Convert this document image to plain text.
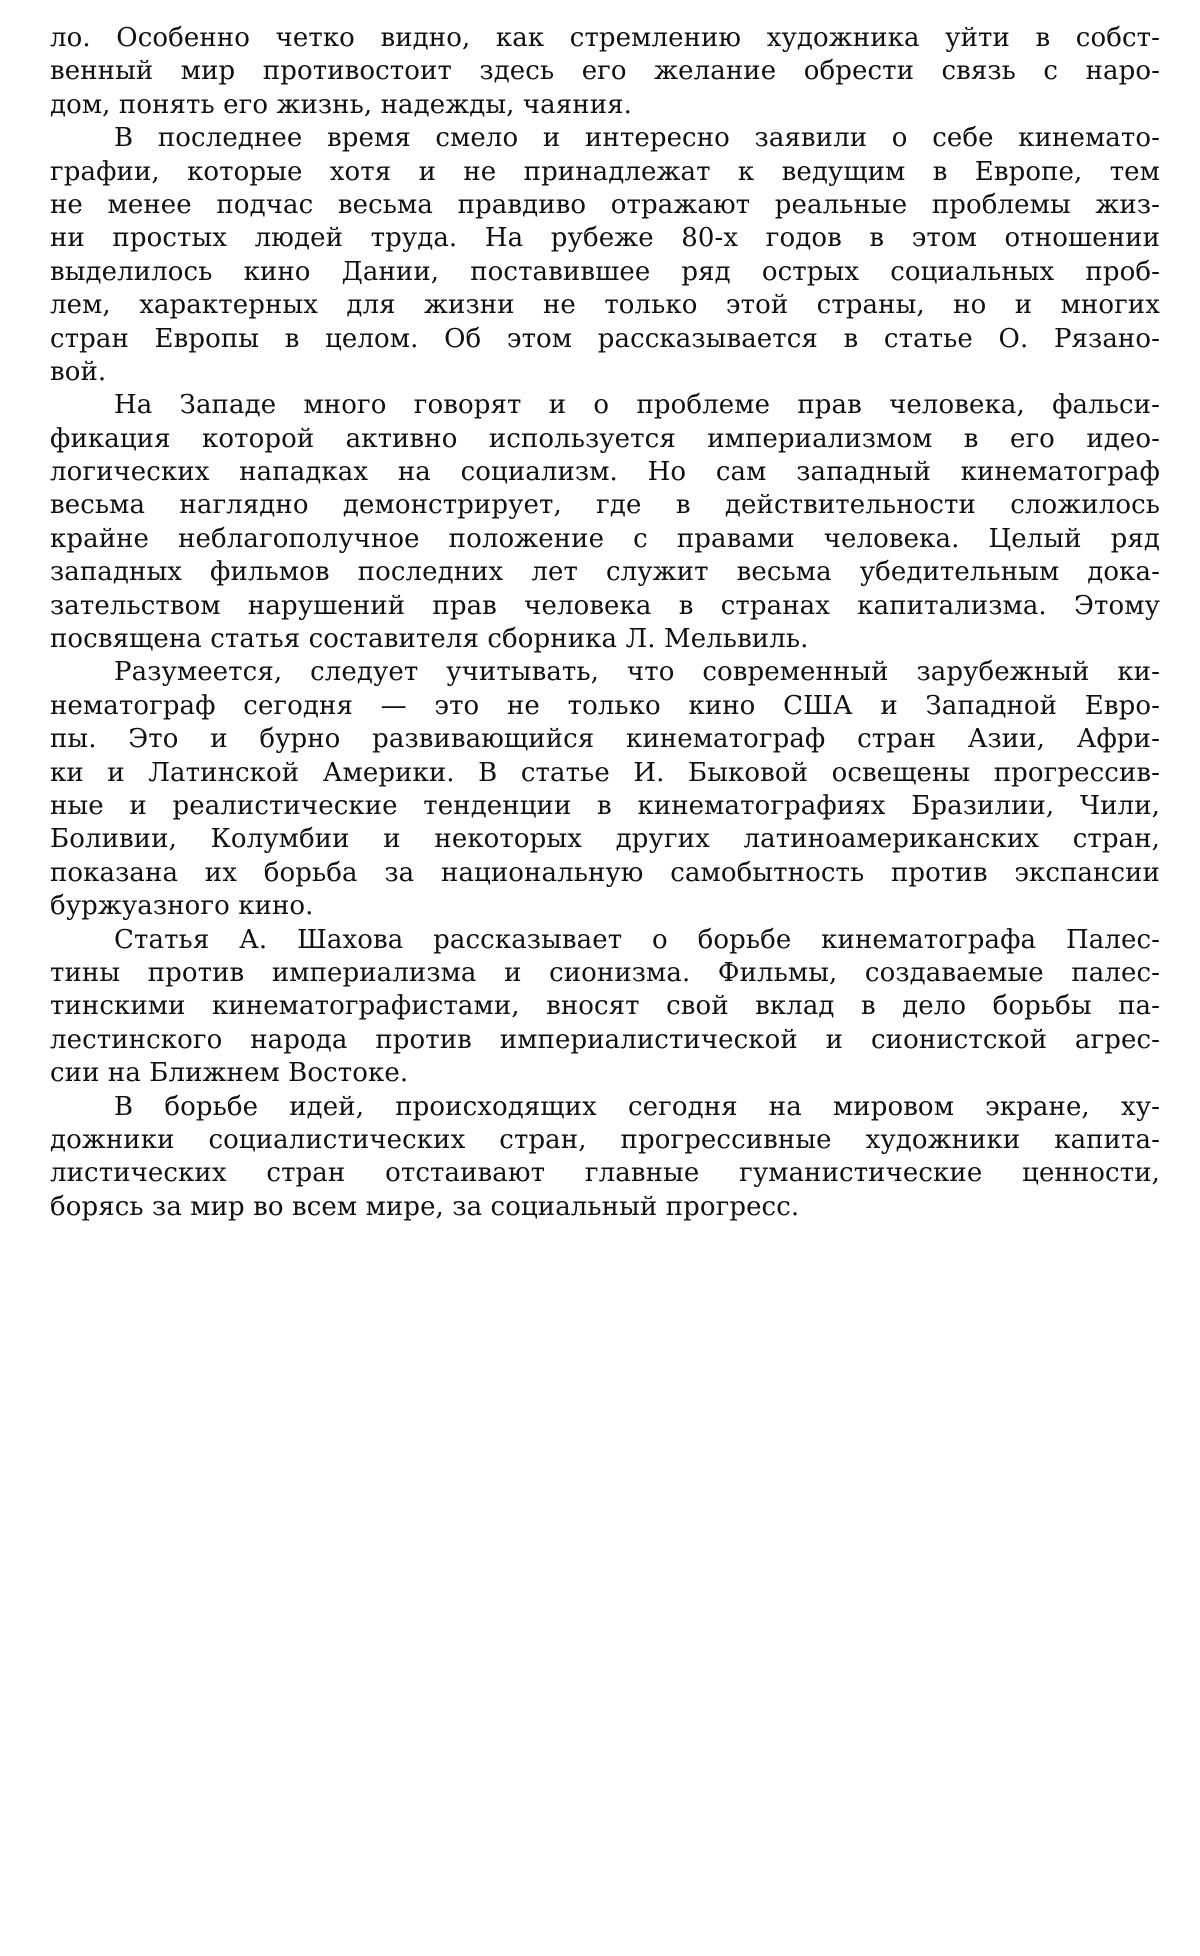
ло. Особенно четко видно, как стремлению художника уйти в собст-
венный мир противостоит здесь его желание обрести связь с наро-
дом, понять его жизнь, надежды, чаяния.
В последнее время смело и интересно заявили о себе кинемато-
графии, которые хотя и не принадлежат к ведущим в Европе, тем
не менее подчас весьма правдиво отражают реальные проблемы жиз-
ни простых людей труда. На рубеже 80-х годов в этом отношении
выделилось кино Дании, поставившее ряд острых социальных проб-
лем, характерных для жизни не только этой страны, но и многих
стран Европы в целом. Об этом рассказывается в статье О. Рязано-
вой.
На Западе много говорят и о проблеме прав человека, фальси-
фикация которой активно используется империализмом в его идео-
логических нападках на социализм. Но сам западный кинематограф
весьма наглядно демонстрирует, где в действительности сложилось
крайне неблагополучное положение с правами человека. Целый ряд
западных фильмов последних лет служит весьма убедительным дока-
зательством нарушений прав человека в странах капитализма. Этому
посвящена статья составителя сборника Л. Мельвиль.
Разумеется, следует учитывать, что современный зарубежный ки-
нематограф сегодня — это не только кино США и Западной Евро-
пы. Это и бурно развивающийся кинематограф стран Азии, Афри-
ки и Латинской Америки. В статье И. Быковой освещены прогрессив-
ные и реалистические тенденции в кинематографиях Бразилии, Чили,
Боливии, Колумбии и некоторых других латиноамериканских стран,
показана их борьба за национальную самобытность против экспансии
буржуазного кино.
Статья А. Шахова рассказывает о борьбе кинематографа Палес-
тины против империализма и сионизма. Фильмы, создаваемые палес-
тинскими кинематографистами, вносят свой вклад в дело борьбы па-
лестинского народа против империалистической и сионистской агрес-
сии на Ближнем Востоке.
В борьбе идей, происходящих сегодня на мировом экране, ху-
дожники социалистических стран, прогрессивные художники капита-
листических стран отстаивают главные гуманистические ценности,
борясь за мир во всем мире, за социальный прогресс.
